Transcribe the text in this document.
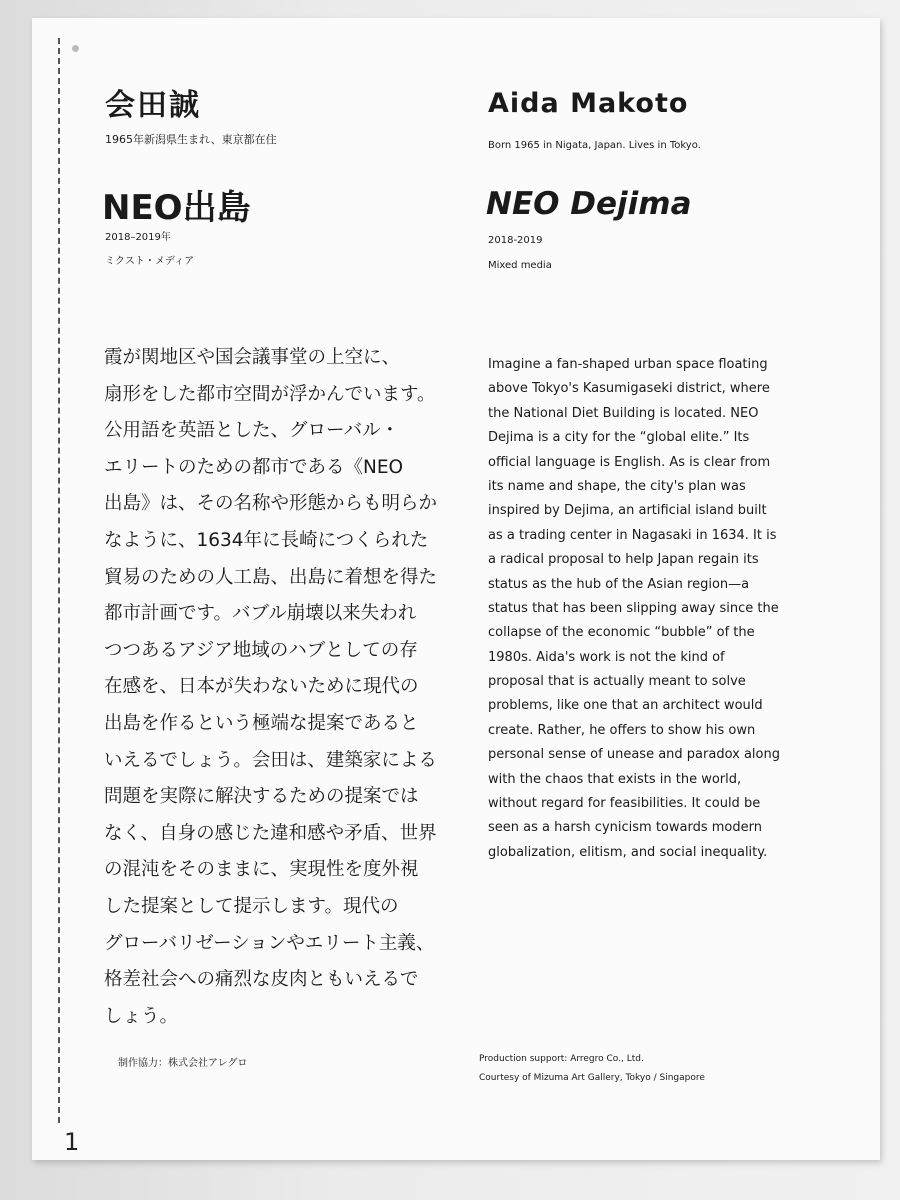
1
会田誠
1965年新潟県生まれ、東京都在住
NEO出島
2018–2019年
ミクスト・メディア
Aida Makoto
Born 1965 in Nigata, Japan. Lives in Tokyo.
NEO Dejima
2018-2019
Mixed media
霞が関地区や国会議事堂の上空に、
扇形をした都市空間が浮かんでいます。
公用語を英語とした、グローバル・
エリートのための都市である《NEO
出島》は、その名称や形態からも明らか
なように、1634年に長崎につくられた
貿易のための人工島、出島に着想を得た
都市計画です。バブル崩壊以来失われ
つつあるアジア地域のハブとしての存
在感を、日本が失わないために現代の
出島を作るという極端な提案であると
いえるでしょう。会田は、建築家による
問題を実際に解決するための提案では
なく、自身の感じた違和感や矛盾、世界
の混沌をそのままに、実現性を度外視
した提案として提示します。現代の
グローバリゼーションやエリート主義、
格差社会への痛烈な皮肉ともいえるで
しょう。
Imagine a fan-shaped urban space floating
above Tokyo's Kasumigaseki district, where
the National Diet Building is located. NEO
Dejima is a city for the “global elite.” Its
official language is English. As is clear from
its name and shape, the city's plan was
inspired by Dejima, an artificial island built
as a trading center in Nagasaki in 1634. It is
a radical proposal to help Japan regain its
status as the hub of the Asian region—a
status that has been slipping away since the
collapse of the economic “bubble” of the
1980s. Aida's work is not the kind of
proposal that is actually meant to solve
problems, like one that an architect would
create. Rather, he offers to show his own
personal sense of unease and paradox along
with the chaos that exists in the world,
without regard for feasibilities. It could be
seen as a harsh cynicism towards modern
globalization, elitism, and social inequality.
制作協力：株式会社アレグロ	Production support: Arregro Co., Ltd.
Courtesy of Mizuma Art Gallery, Tokyo / Singapore
